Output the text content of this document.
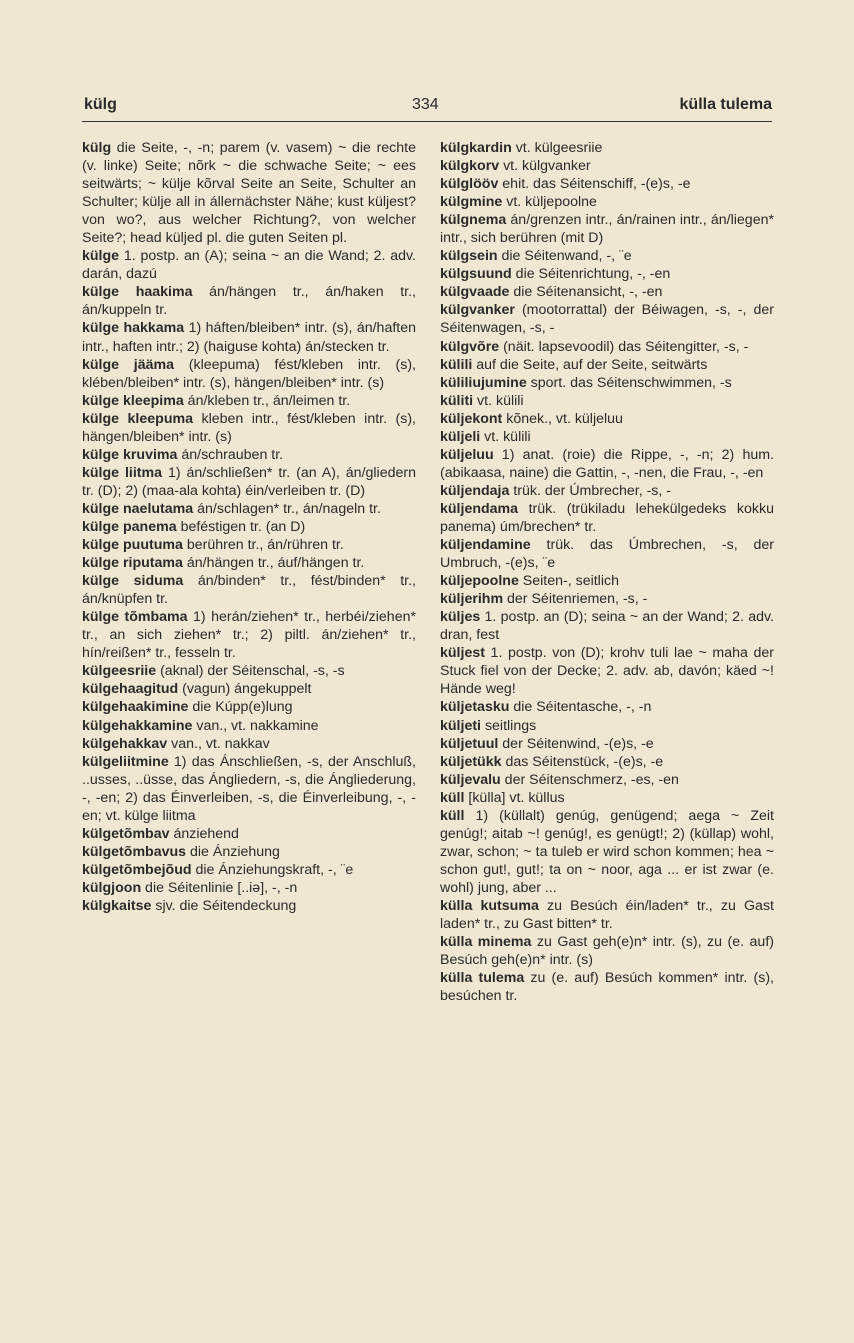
külg	334	külla tulema

külg die Seite, -, -n; parem (v. vasem) ~ die rechte (v. linke) Seite; nõrk ~ die schwache Seite; ~ ees seitwärts; ~ külje kõrval Seite an Seite, Schulter an Schulter; külje all in állernächster Nähe; kust küljest? von wo?, aus welcher Richtung?, von welcher Seite?; head küljed pl. die guten Seiten pl.

külge 1. postp. an (A); seina ~ an die Wand; 2. adv. darán, dazú

külge haakima án/hängen tr., án/haken tr., án/kuppeln tr.

külge hakkama 1) háften/bleiben* intr. (s), án/haften intr., haften intr.; 2) (haiguse kohta) án/stecken tr.

külge jääma (kleepuma) fést/kleben intr. (s), klében/bleiben* intr. (s), hängen/bleiben* intr. (s)

külge kleepima án/kleben tr., án/leimen tr.

külge kleepuma kleben intr., fést/kleben intr. (s), hängen/bleiben* intr. (s)

külge kruvima án/schrauben tr.

külge liitma 1) án/schließen* tr. (an A), án/gliedern tr. (D); 2) (maa-ala kohta) éin/verleiben tr. (D)

külge naelutama án/schlagen* tr., án/nageln tr.

külge panema beféstigen tr. (an D)

külge puutuma berühren tr., án/rühren tr.

külge riputama án/hängen tr., áuf/hängen tr.

külge siduma án/binden* tr., fést/binden* tr., án/knüpfen tr.

külge tõmbama 1) herán/ziehen* tr., herbéi/ziehen* tr., an sich ziehen* tr.; 2) piltl. án/ziehen* tr., hín/reißen* tr., fesseln tr.

külgeesriie (aknal) der Séitenschal, -s, -s

külgehaagitud (vagun) ángekuppelt

külgehaakimine die Kúpp(e)lung

külgehakkamine van., vt. nakkamine

külgehakkav van., vt. nakkav

külgeliitmine 1) das Ánschließen, -s, der Anschluß, ..usses, ..üsse, das Ángliedern, -s, die Ángliederung, -, -en; 2) das Éinverleiben, -s, die Éinverleibung, -, -en; vt. külge liitma

külgetõmbav ánziehend

külgetõmbavus die Ánziehung

külgetõmbejõud die Ánziehungskraft, -, ¨e

külgjoon die Séitenlinie [..iə], -, -n

külgkaitse sjv. die Séitendeckung

külgkardin vt. külgeesriie

külgkorv vt. külgvanker

külglööv ehit. das Séitenschiff, -(e)s, -e

külgmine vt. küljepoolne

külgnema án/grenzen intr., án/rainen intr., án/liegen* intr., sich berühren (mit D)

külgsein die Séitenwand, -, ¨e

külgsuund die Séitenrichtung, -, -en

külgvaade die Séitenansicht, -, -en

külgvanker (mootorrattal) der Béiwagen, -s, -, der Séitenwagen, -s, -

külgvõre (näit. lapsevoodil) das Séitengitter, -s, -

külili auf die Seite, auf der Seite, seitwärts

küliliujumine sport. das Séitenschwimmen, -s

küliti vt. külili

küljekont kõnek., vt. küljeluu

küljeli vt. külili

küljeluu 1) anat. (roie) die Rippe, -, -n; 2) hum. (abikaasa, naine) die Gattin, -, -nen, die Frau, -, -en

küljendaja trük. der Úmbrecher, -s, -

küljendama trük. (trükiladu lehekülgedeks kokku panema) úm/brechen* tr.

küljendamine trük. das Úmbrechen, -s, der Umbruch, -(e)s, ¨e

küljepoolne Seiten-, seitlich

küljerihm der Séitenriemen, -s, -

küljes 1. postp. an (D); seina ~ an der Wand; 2. adv. dran, fest

küljest 1. postp. von (D); krohv tuli lae ~ maha der Stuck fiel von der Decke; 2. adv. ab, davón; käed ~! Hände weg!

küljetasku die Séitentasche, -, -n

küljeti seitlings

küljetuul der Séitenwind, -(e)s, -e

küljetükk das Séitenstück, -(e)s, -e

küljevalu der Séitenschmerz, -es, -en

küll [külla] vt. küllus

küll 1) (küllalt) genúg, genügend; aega ~ Zeit genúg!; aitab ~! genúg!, es genügt!; 2) (küllap) wohl, zwar, schon; ~ ta tuleb er wird schon kommen; hea ~ schon gut!, gut!; ta on ~ noor, aga ... er ist zwar (e. wohl) jung, aber ...

külla kutsuma zu Besúch éin/laden* tr., zu Gast laden* tr., zu Gast bitten* tr.

külla minema zu Gast geh(e)n* intr. (s), zu (e. auf) Besúch geh(e)n* intr. (s)

külla tulema zu (e. auf) Besúch kommen* intr. (s), besúchen tr.
